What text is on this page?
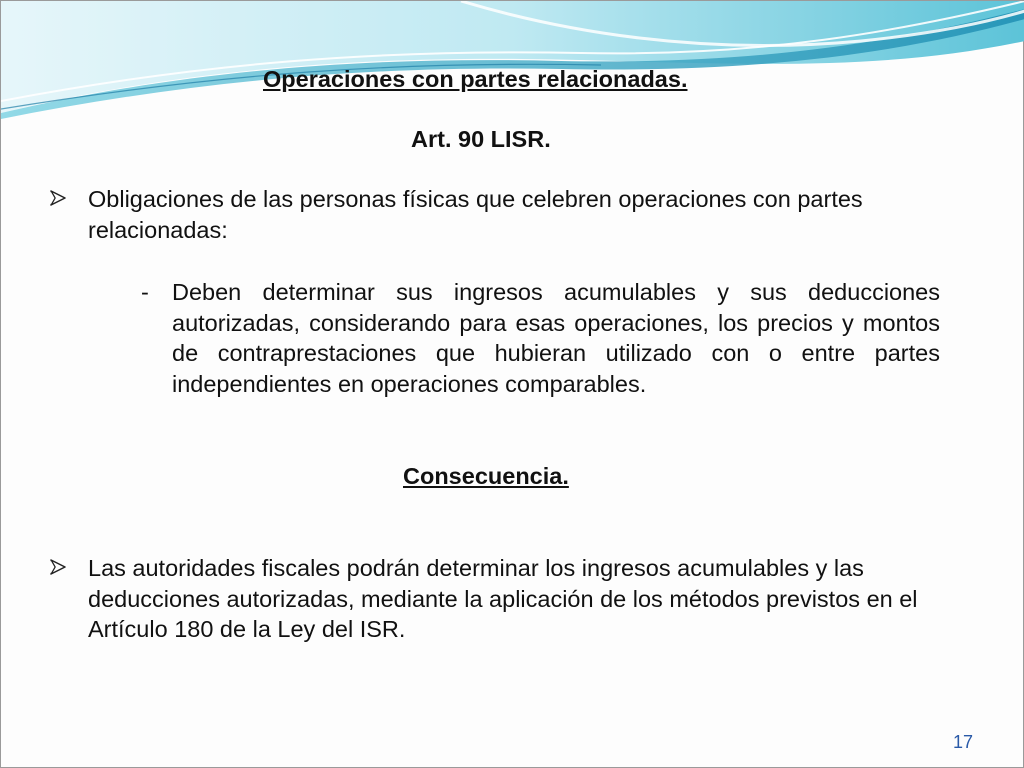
Operaciones con partes relacionadas.

Art. 90 LISR.

Obligaciones de las personas físicas que celebren operaciones con partes relacionadas:

- Deben determinar sus ingresos acumulables y sus deducciones autorizadas, considerando para esas operaciones, los precios y montos de contraprestaciones que hubieran utilizado con o entre partes independientes en operaciones comparables.

Consecuencia.

Las autoridades fiscales podrán determinar los ingresos acumulables y las deducciones autorizadas, mediante la aplicación de los métodos previstos en el Artículo 180 de la Ley del ISR.

17
